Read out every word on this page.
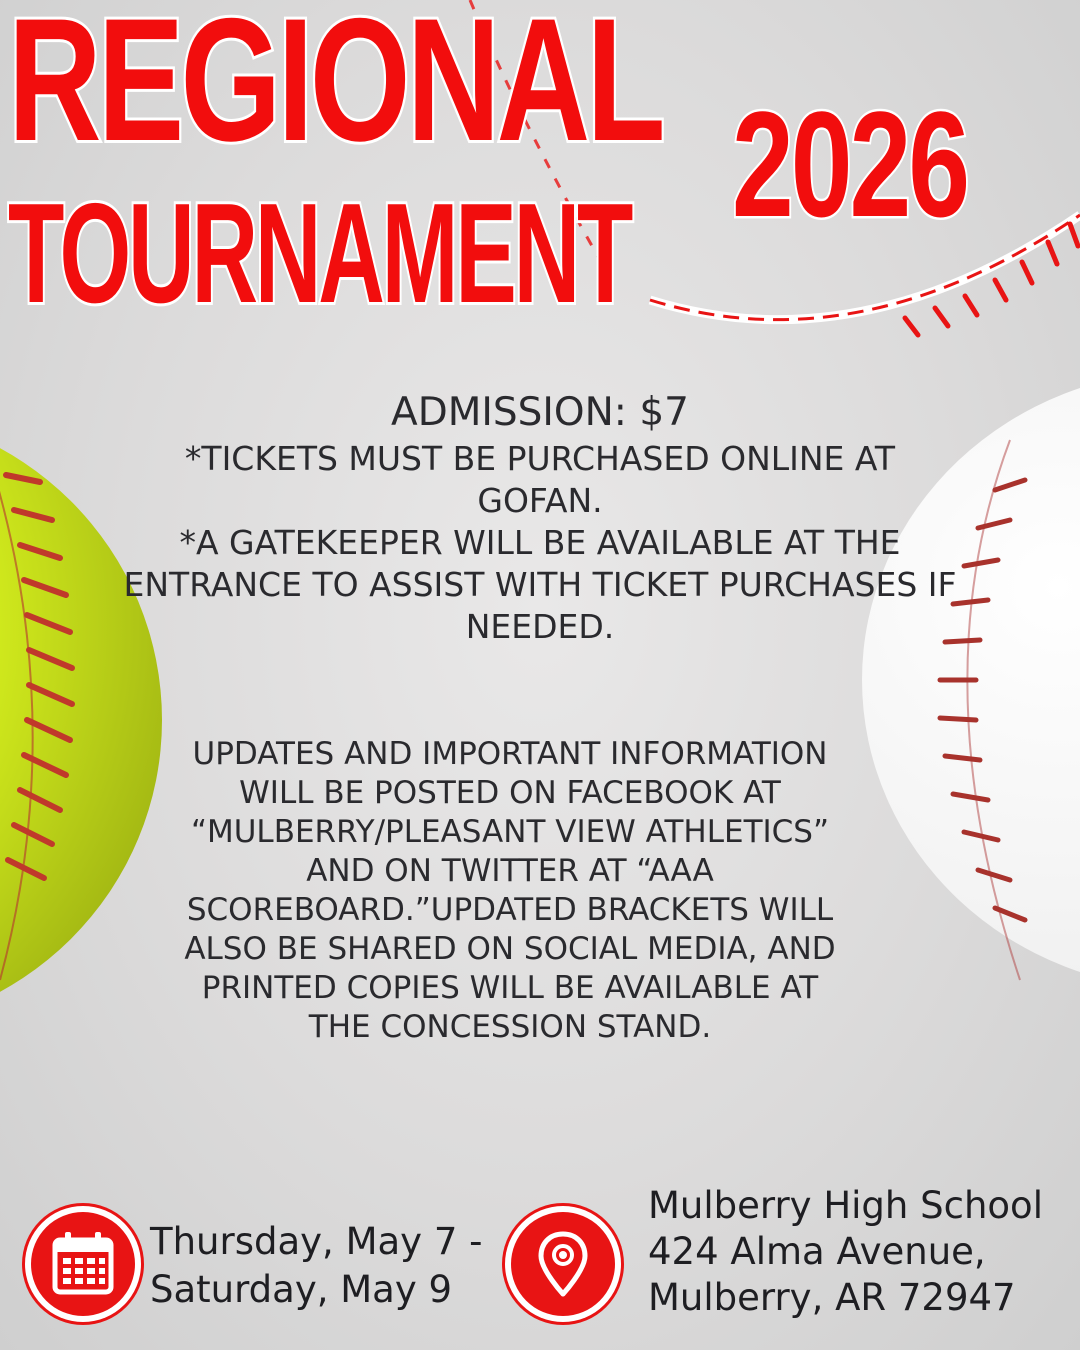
REGIONAL
TOURNAMENT
2026
ADMISSION: $7
*TICKETS MUST BE PURCHASED ONLINE AT GOFAN.
*A GATEKEEPER WILL BE AVAILABLE AT THE ENTRANCE TO ASSIST WITH TICKET PURCHASES IF NEEDED.
UPDATES AND IMPORTANT INFORMATION WILL BE POSTED ON FACEBOOK AT “MULBERRY/PLEASANT VIEW ATHLETICS” AND ON TWITTER AT “AAA SCOREBOARD.”UPDATED BRACKETS WILL ALSO BE SHARED ON SOCIAL MEDIA, AND PRINTED COPIES WILL BE AVAILABLE AT THE CONCESSION STAND.
Thursday, May 7 -
Saturday, May 9
Mulberry High School
424 Alma Avenue,
Mulberry, AR 72947
